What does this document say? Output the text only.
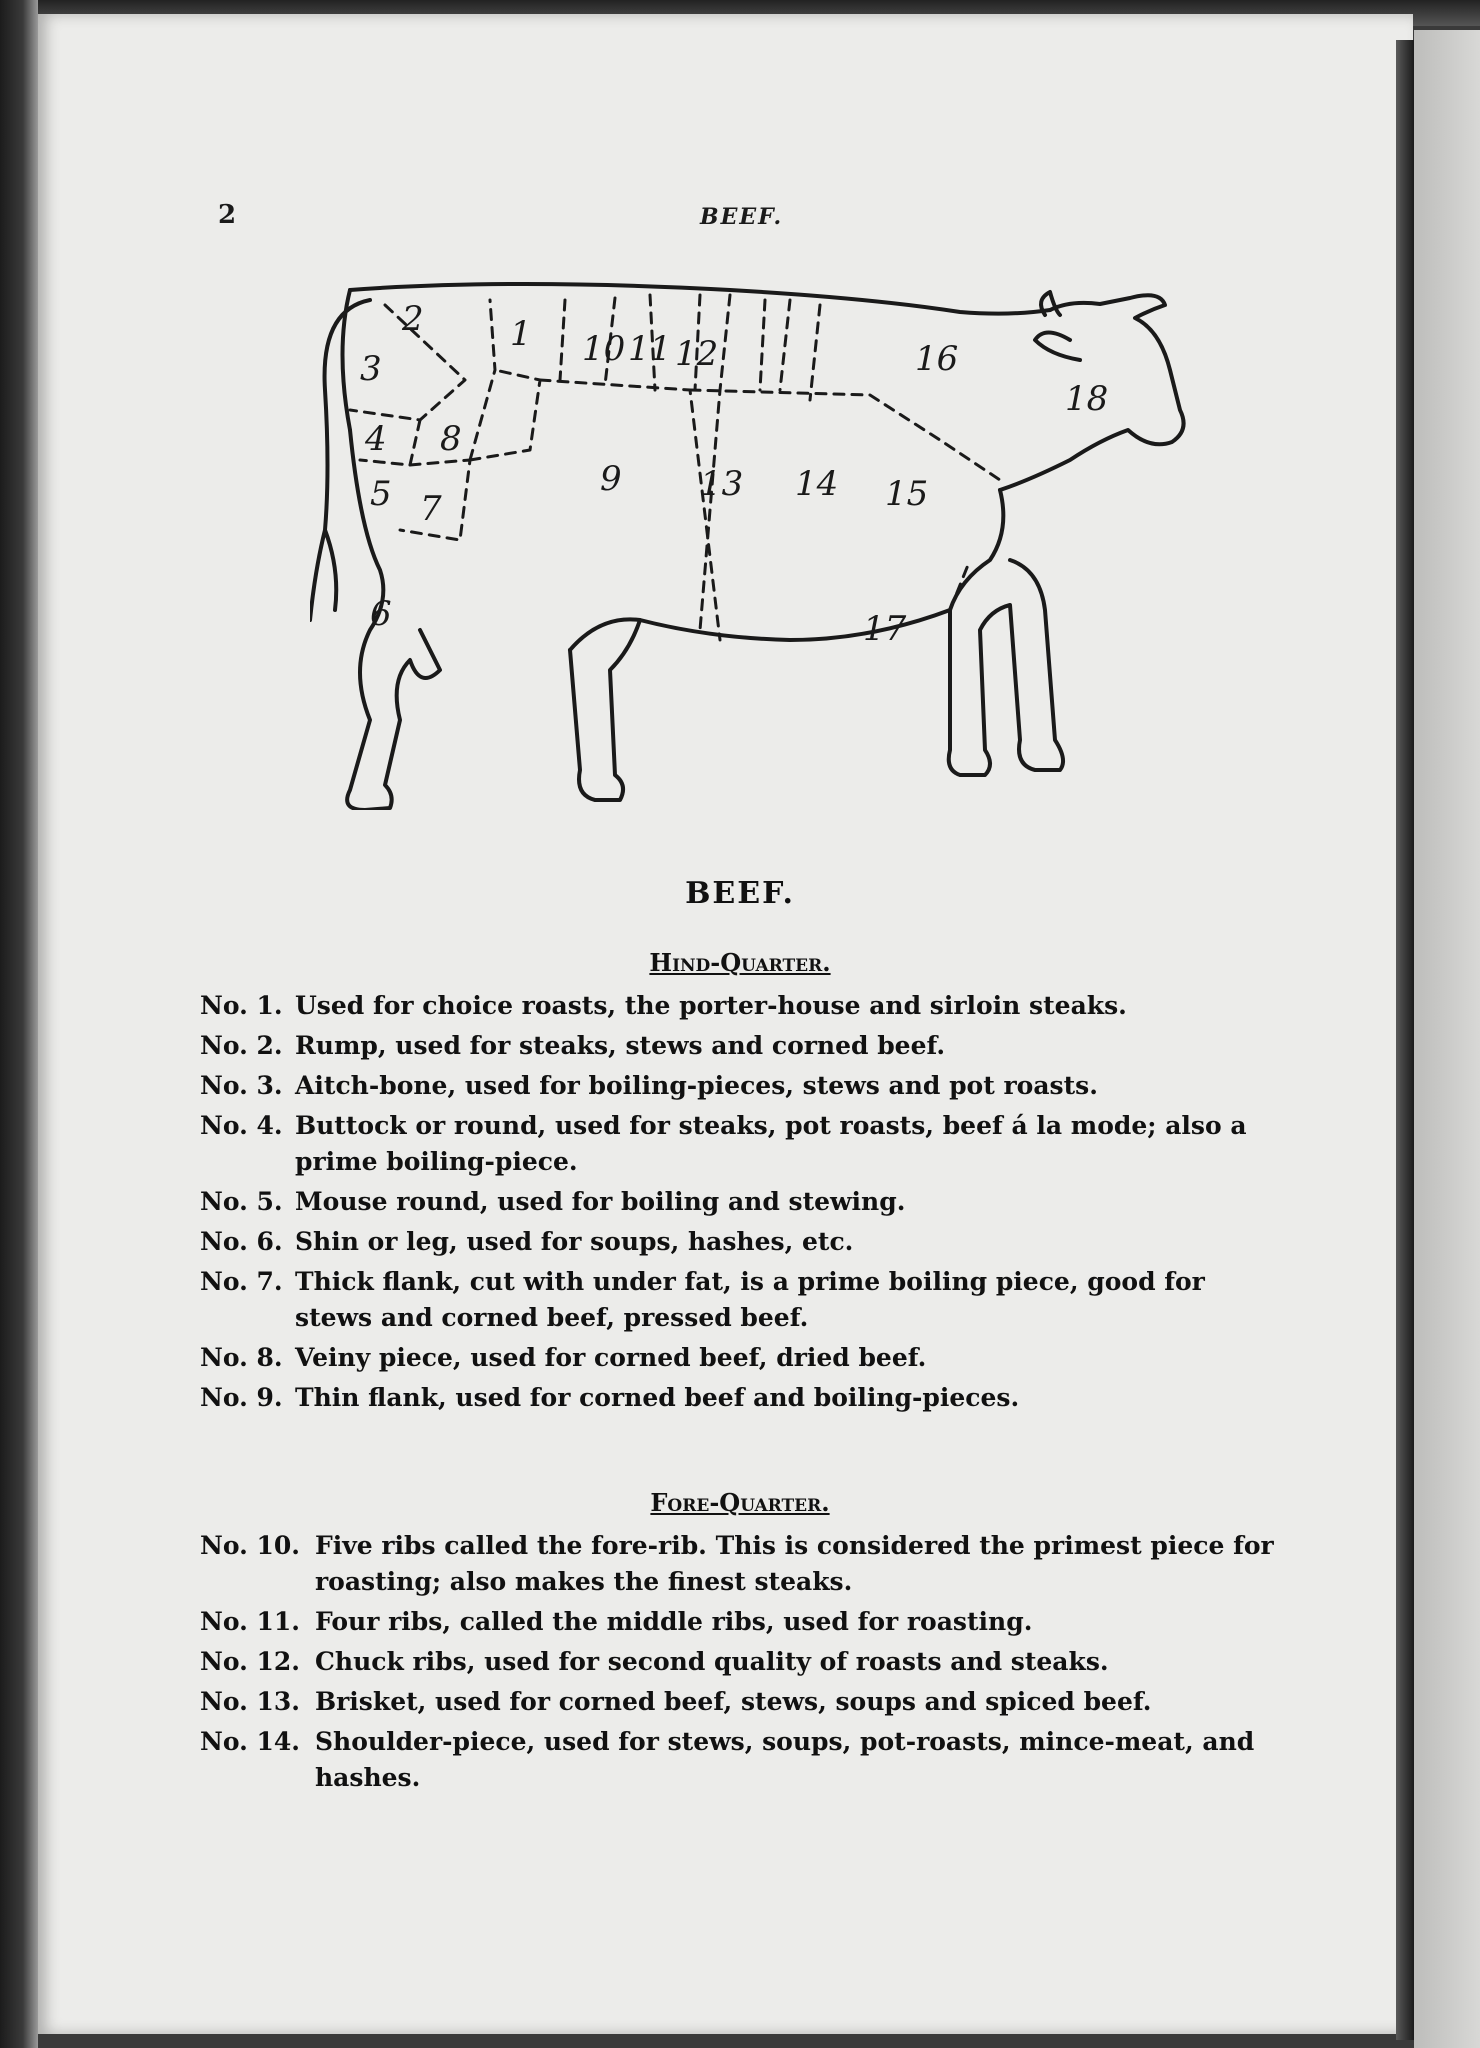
2	BEEF.
1
2
3
4
5
6
7
8
9
10 11 12
13 14 15
16
17
18
BEEF.
Hind-Quarter.
No. 1. Used for choice roasts, the porter-house and sirloin steaks.
No. 2. Rump, used for steaks, stews and corned beef.
No. 3. Aitch-bone, used for boiling-pieces, stews and pot roasts.
No. 4. Buttock or round, used for steaks, pot roasts, beef á la mode; also a prime boiling-piece.
No. 5. Mouse round, used for boiling and stewing.
No. 6. Shin or leg, used for soups, hashes, etc.
No. 7. Thick flank, cut with under fat, is a prime boiling piece, good for stews and corned beef, pressed beef.
No. 8. Veiny piece, used for corned beef, dried beef.
No. 9. Thin flank, used for corned beef and boiling-pieces.
Fore-Quarter.
No. 10. Five ribs called the fore-rib. This is considered the primest piece for roasting; also makes the finest steaks.
No. 11. Four ribs, called the middle ribs, used for roasting.
No. 12. Chuck ribs, used for second quality of roasts and steaks.
No. 13. Brisket, used for corned beef, stews, soups and spiced beef.
No. 14. Shoulder-piece, used for stews, soups, pot-roasts, mince-meat, and hashes.
